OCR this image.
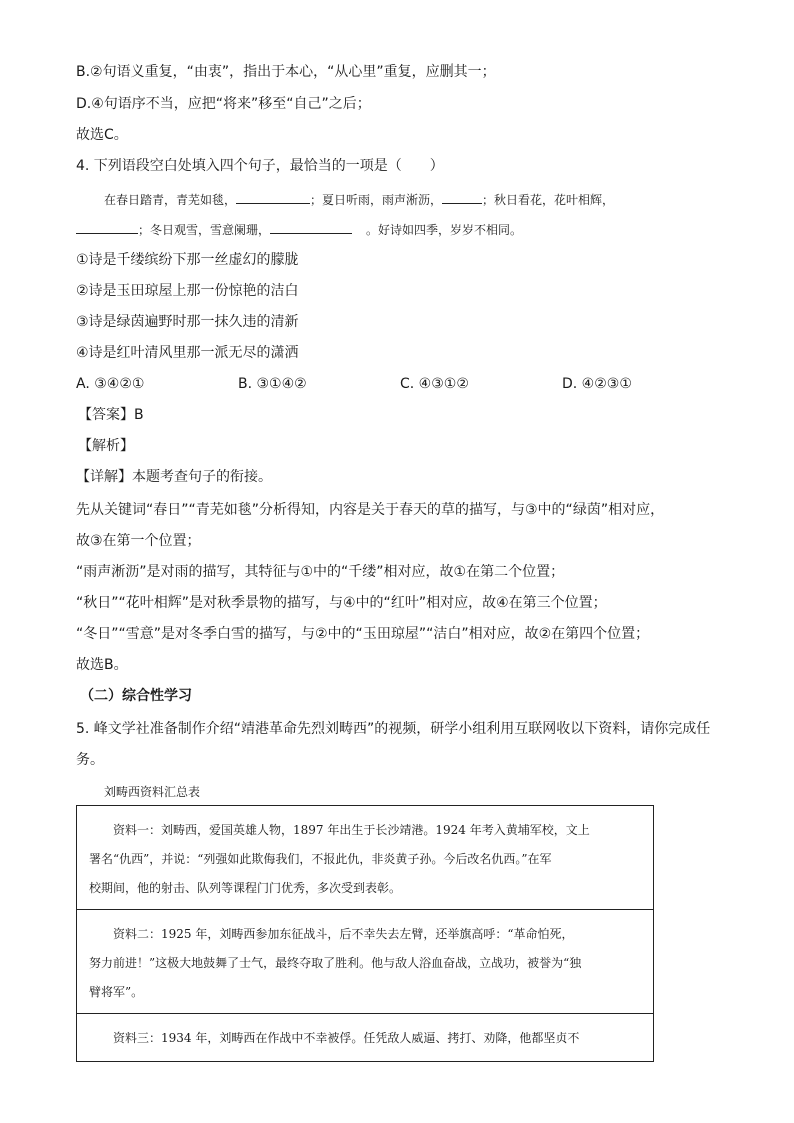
B.②句语义重复，“由衷”，指出于本心，“从心里”重复，应删其一；
D.④句语序不当，应把“将来”移至“自己”之后；
故选C。
4. 下列语段空白处填入四个句子，最恰当的一项是（　　）
在春日踏青，青芜如毯，	；夏日听雨，雨声淅沥，	；秋日看花，花叶相辉，
；冬日观雪，雪意阑珊，	。好诗如四季，岁岁不相同。
①诗是千缕缤纷下那一丝虚幻的朦胧
②诗是玉田琼屋上那一份惊艳的洁白
③诗是绿茵遍野时那一抹久违的清新
④诗是红叶清风里那一派无尽的潇洒
A. ③④②①	B. ③①④②	C. ④③①②	D. ④②③①
【答案】B
【解析】
【详解】本题考查句子的衔接。
先从关键词“春日”“青芜如毯”分析得知，内容是关于春天的草的描写，与③中的“绿茵”相对应，
故③在第一个位置；
“雨声淅沥”是对雨的描写，其特征与①中的“千缕”相对应，故①在第二个位置；
“秋日”“花叶相辉”是对秋季景物的描写，与④中的“红叶”相对应，故④在第三个位置；
“冬日”“雪意”是对冬季白雪的描写，与②中的“玉田琼屋”“洁白”相对应，故②在第四个位置；
故选B。
（二）综合性学习
5. 峰文学社准备制作介绍“靖港革命先烈刘畴西”的视频，研学小组利用互联网收以下资料，请你完成任
务。
刘畴西资料汇总表

资料一：刘畴西，爱国英雄人物，1897 年出生于长沙靖港。1924 年考入黄埔军校，文上

署名“仇西”，并说：“列强如此欺侮我们，不报此仇，非炎黄子孙。今后改名仇西。”在军

校期间，他的射击、队列等课程门门优秀，多次受到表彰。

资料二：1925 年，刘畴西参加东征战斗，后不幸失去左臂，还举旗高呼：“革命怕死，

努力前进！”这极大地鼓舞了士气，最终夺取了胜利。他与敌人浴血奋战，立战功，被誉为“独

臂将军”。

资料三：1934 年，刘畴西在作战中不幸被俘。任凭敌人威逼、拷打、劝降，他都坚贞不
